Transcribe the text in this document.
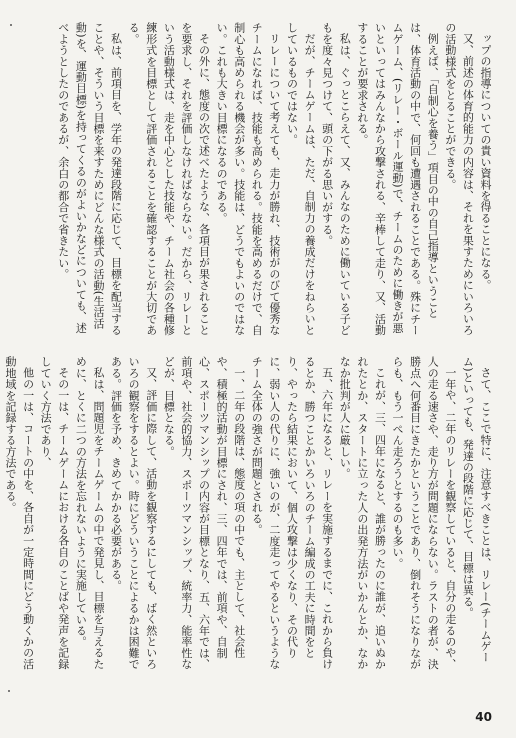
ップの指導についての貴い資料を得ることになる。

又、前述の体育的能力の内容は、それを果すためにいろいろの活動様式をとることができる。

例えば、「自制心を養う」項目の中の自己指導ということは、体育活動の中で、何回も遭遇されることである。殊にチームゲーム、(リレー・ボール運動)で、チームのために働きが悪いといってはみんなから攻撃される、辛棒して走り、又、活動することが要求される。

私は、ぐっとこらえて、又、みんなのために働いている子どもを度々見つけて、頭の下がる思いがする。

だが、チームゲームは、ただ、自制力の養成だけをねらいとしているものではない。

リレーについて考えても、走力が勝れ、技術がのびて優秀なチームになれば、技能も高められる。技能を高めるだけで、自制心も高められる機会が多い。技能は、どうでもよいのではない。これも大きい目標になるのである。

その外に、態度の次で述べたような、各項目が果されることを要求し、それを評価しなければならない。だから、リレーという活動様式は、走を中心とした技能や、チーム社会の各種修練形式を目標として評価されることを確認することが大切である。

私は、前項目を、学年の発達段階に応じて、目標を配当することや、そういう目標を来すためにどんな様式の活動(生活活動)を、運動目標)を持ってくるのがよいかなどについても、述べようとしたのであるが、余白の都合で省きたい。

さて、ここで特に、注意すべきことは、リレー(チームゲーム)といっても、発達の段階に応じて、目標は異る。

一年や、二年のリレーを観察していると、自分の走るのや、人の走る速さや、走り方が問題にならない。ラストの者が、決勝点へ何番目にきたかということであり、倒れそうになりながらも、もう一ぺん走ろうとするのも多い。

これが、三、四年になると、誰が勝ったのに誰が、追いぬかれたとか、スタートに立った人の出発方法がいかんとか、なかなか批判が人に厳しい。

五、六年になると、リレーを実施するまでに、これから負けるとか、勝つことかいろいろのチーム編成の工夫に時間をとり、やったら結果において、個人攻撃は少くなり、その代りに、弱い人の代りに、強いのが、二度走ってやるというようなチーム全体の強さが問題とされる。

一、二年の段階は、態度の項の中でも、主として、社会性や、積極的活動が目標にされ、三、四年では、前項や、自制心、スポーツマンシップの内容が目標となり、五、六年では、前項や、社会的協力、スポーツマンシップ、統率力、能率性などが、目標となる。

又、評価に際して、活動を観察するにしても、ばく然といろいろの観察をするとよい。時にどういうことによるかは困難である。評価を予め、きめてかかる必要がある。

私は、問題児をチームゲームの中で発見し、目標を与えるために、とくに二つの方法を忘れないように実施している。

その一は、チームゲームにおける各自のことばや発声を記録していく方法であり、

他の一は、コートの中を、各自が一定時間にどう動くかの活動地域を記録する方法である。

40
